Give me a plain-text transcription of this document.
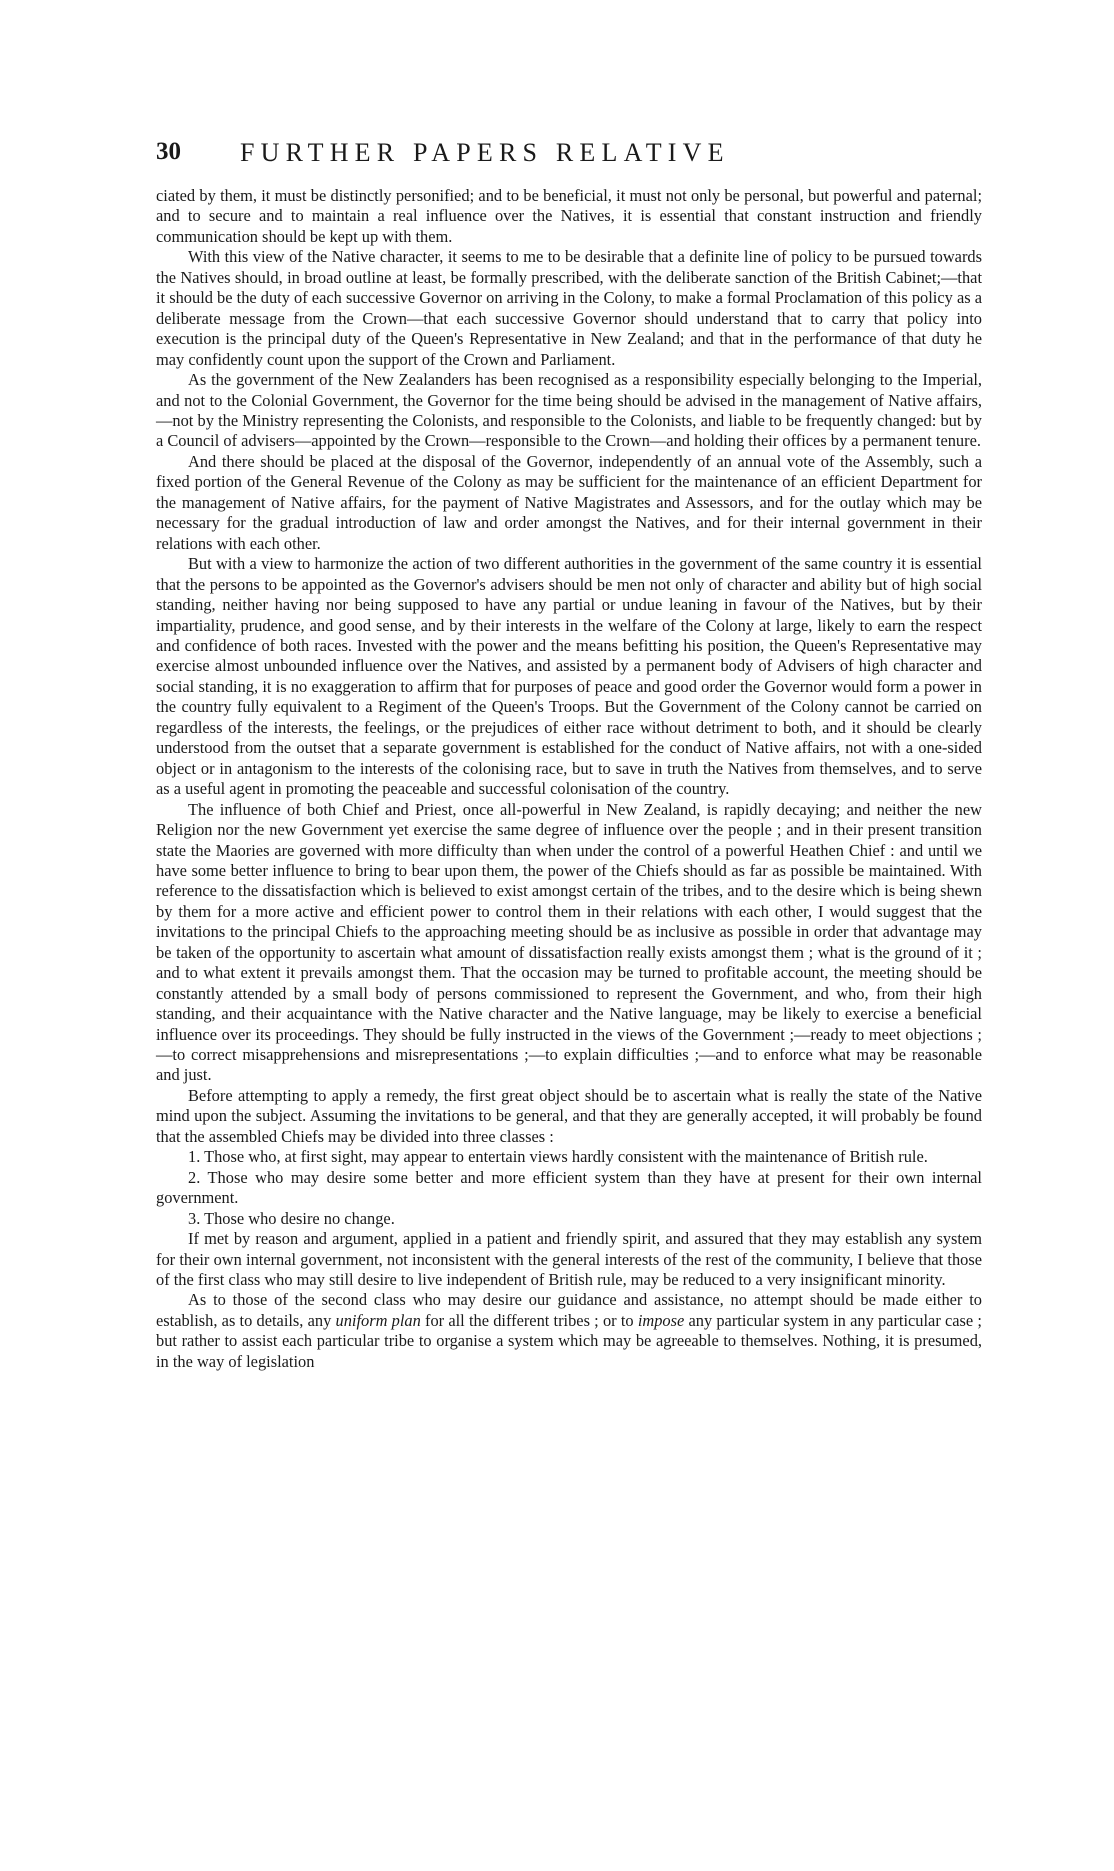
30 FURTHER PAPERS RELATIVE

ciated by them, it must be distinctly personified; and to be beneficial, it must not only be personal, but powerful and paternal; and to secure and to maintain a real influence over the Natives, it is essential that constant instruction and friendly communication should be kept up with them.

With this view of the Native character, it seems to me to be desirable that a definite line of policy to be pursued towards the Natives should, in broad outline at least, be formally prescribed, with the deliberate sanction of the British Cabinet;—that it should be the duty of each successive Governor on arriving in the Colony, to make a formal Proclamation of this policy as a deliberate message from the Crown—that each successive Governor should understand that to carry that policy into execution is the principal duty of the Queen's Representative in New Zealand; and that in the performance of that duty he may confidently count upon the support of the Crown and Parliament.

As the government of the New Zealanders has been recognised as a responsibility especially belonging to the Imperial, and not to the Colonial Government, the Governor for the time being should be advised in the management of Native affairs,—not by the Ministry representing the Colonists, and responsible to the Colonists, and liable to be frequently changed: but by a Council of advisers—appointed by the Crown—responsible to the Crown—and holding their offices by a permanent tenure.

And there should be placed at the disposal of the Governor, independently of an annual vote of the Assembly, such a fixed portion of the General Revenue of the Colony as may be sufficient for the maintenance of an efficient Department for the management of Native affairs, for the payment of Native Magistrates and Assessors, and for the outlay which may be necessary for the gradual introduction of law and order amongst the Natives, and for their internal government in their relations with each other.

But with a view to harmonize the action of two different authorities in the government of the same country it is essential that the persons to be appointed as the Governor's advisers should be men not only of character and ability but of high social standing, neither having nor being supposed to have any partial or undue leaning in favour of the Natives, but by their impartiality, prudence, and good sense, and by their interests in the welfare of the Colony at large, likely to earn the respect and confidence of both races. Invested with the power and the means befitting his position, the Queen's Representative may exercise almost unbounded influence over the Natives, and assisted by a permanent body of Advisers of high character and social standing, it is no exaggeration to affirm that for purposes of peace and good order the Governor would form a power in the country fully equivalent to a Regiment of the Queen's Troops. But the Government of the Colony cannot be carried on regardless of the interests, the feelings, or the prejudices of either race without detriment to both, and it should be clearly understood from the outset that a separate government is established for the conduct of Native affairs, not with a one-sided object or in antagonism to the interests of the colonising race, but to save in truth the Natives from themselves, and to serve as a useful agent in promoting the peaceable and successful colonisation of the country.

The influence of both Chief and Priest, once all-powerful in New Zealand, is rapidly decaying; and neither the new Religion nor the new Government yet exercise the same degree of influence over the people ; and in their present transition state the Maories are governed with more difficulty than when under the control of a powerful Heathen Chief : and until we have some better influence to bring to bear upon them, the power of the Chiefs should as far as possible be maintained. With reference to the dissatisfaction which is believed to exist amongst certain of the tribes, and to the desire which is being shewn by them for a more active and efficient power to control them in their relations with each other, I would suggest that the invitations to the principal Chiefs to the approaching meeting should be as inclusive as possible in order that advantage may be taken of the opportunity to ascertain what amount of dissatisfaction really exists amongst them ; what is the ground of it ; and to what extent it prevails amongst them. That the occasion may be turned to profitable account, the meeting should be constantly attended by a small body of persons commissioned to represent the Government, and who, from their high standing, and their acquaintance with the Native character and the Native language, may be likely to exercise a beneficial influence over its proceedings. They should be fully instructed in the views of the Government ;—ready to meet objections ;—to correct misapprehensions and misrepresentations ;—to explain difficulties ;—and to enforce what may be reasonable and just.

Before attempting to apply a remedy, the first great object should be to ascertain what is really the state of the Native mind upon the subject. Assuming the invitations to be general, and that they are generally accepted, it will probably be found that the assembled Chiefs may be divided into three classes :

1. Those who, at first sight, may appear to entertain views hardly consistent with the maintenance of British rule.

2. Those who may desire some better and more efficient system than they have at present for their own internal government.

3. Those who desire no change.

If met by reason and argument, applied in a patient and friendly spirit, and assured that they may establish any system for their own internal government, not inconsistent with the general interests of the rest of the community, I believe that those of the first class who may still desire to live independent of British rule, may be reduced to a very insignificant minority.

As to those of the second class who may desire our guidance and assistance, no attempt should be made either to establish, as to details, any uniform plan for all the different tribes ; or to impose any particular system in any particular case ; but rather to assist each particular tribe to organise a system which may be agreeable to themselves. Nothing, it is presumed, in the way of legislation
